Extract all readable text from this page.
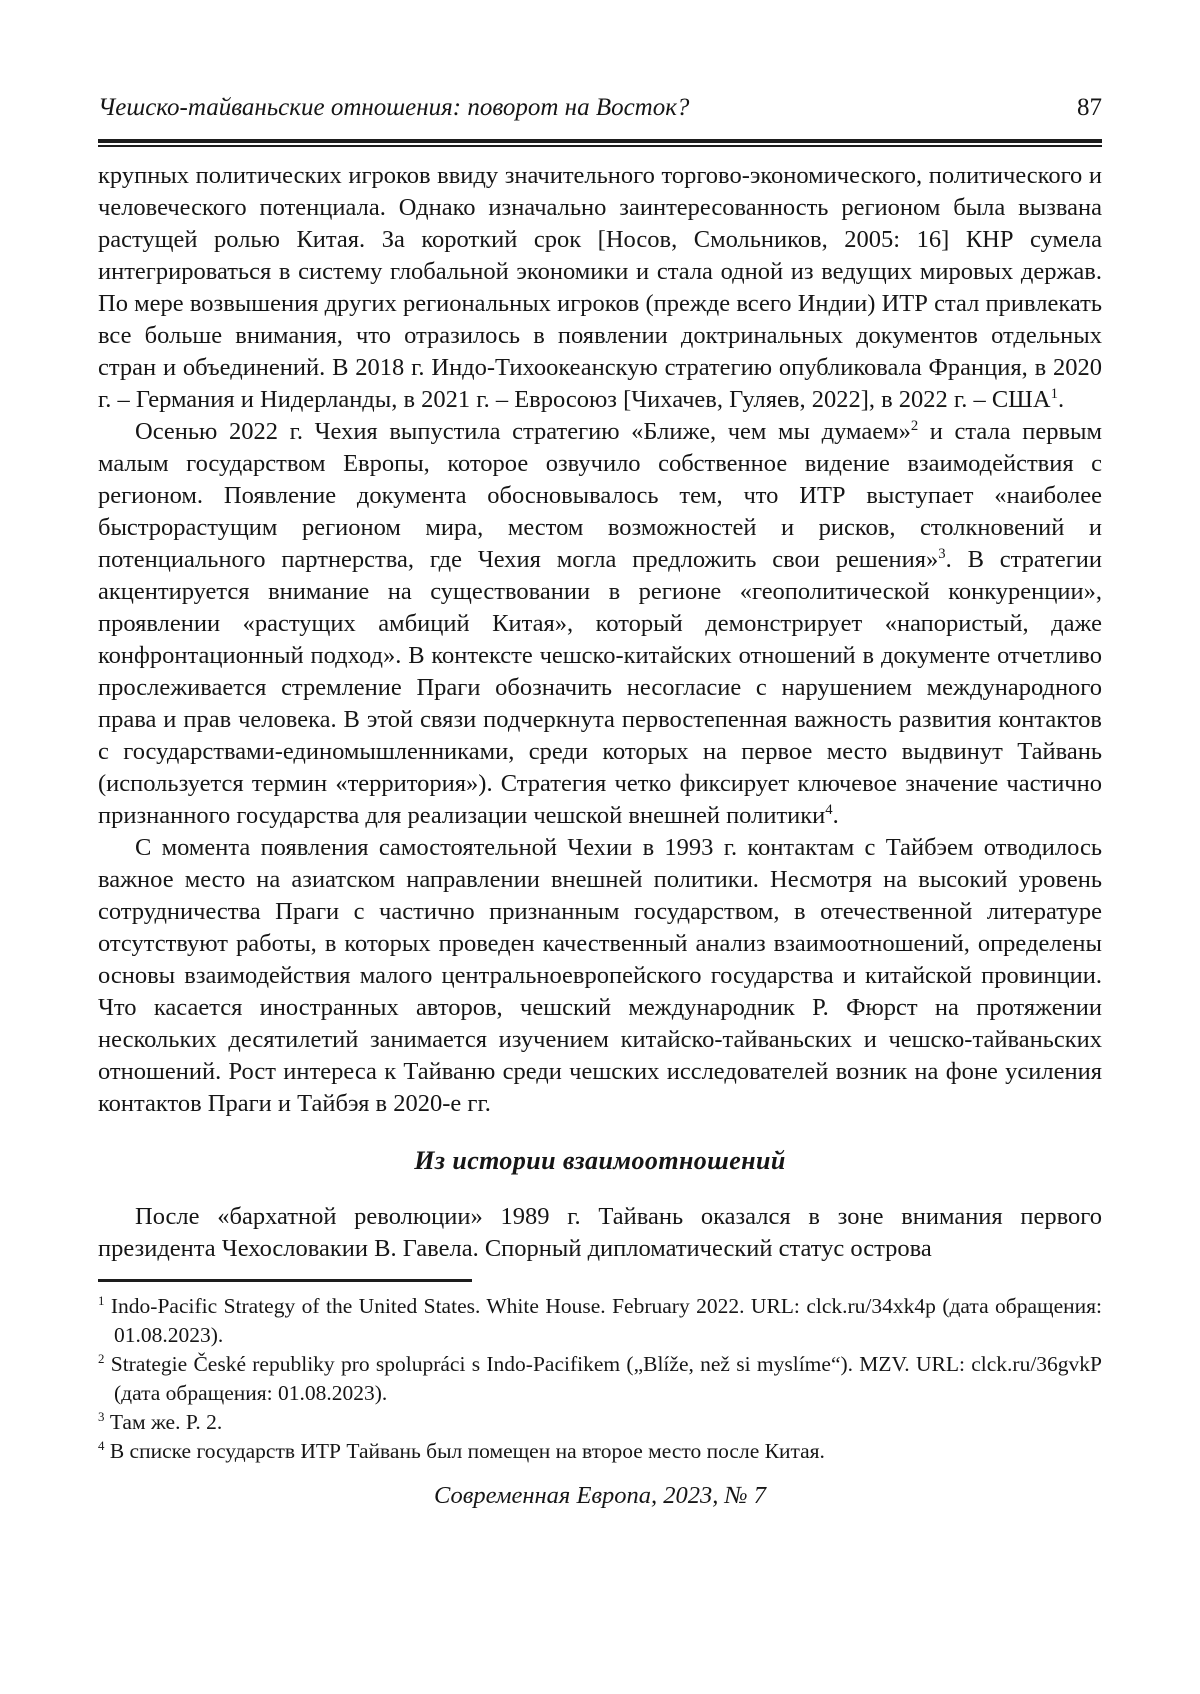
Чешско-тайваньские отношения: поворот на Восток?	87

крупных политических игроков ввиду значительного торгово-экономического, политического и человеческого потенциала. Однако изначально заинтересованность регионом была вызвана растущей ролью Китая. За короткий срок [Носов, Смольников, 2005: 16] КНР сумела интегрироваться в систему глобальной экономики и стала одной из ведущих мировых держав. По мере возвышения других региональных игроков (прежде всего Индии) ИТР стал привлекать все больше внимания, что отразилось в появлении доктринальных документов отдельных стран и объединений. В 2018 г. Индо-Тихоокеанскую стратегию опубликовала Франция, в 2020 г. – Германия и Нидерланды, в 2021 г. – Евросоюз [Чихачев, Гуляев, 2022], в 2022 г. – США$^1$.

Осенью 2022 г. Чехия выпустила стратегию «Ближе, чем мы думаем»$^2$ и стала первым малым государством Европы, которое озвучило собственное видение взаимодействия с регионом. Появление документа обосновывалось тем, что ИТР выступает «наиболее быстрорастущим регионом мира, местом возможностей и рисков, столкновений и потенциального партнерства, где Чехия могла предложить свои решения»$^3$. В стратегии акцентируется внимание на существовании в регионе «геополитической конкуренции», проявлении «растущих амбиций Китая», который демонстрирует «напористый, даже конфронтационный подход». В контексте чешско-китайских отношений в документе отчетливо прослеживается стремление Праги обозначить несогласие с нарушением международного права и прав человека. В этой связи подчеркнута первостепенная важность развития контактов с государствами-единомышленниками, среди которых на первое место выдвинут Тайвань (используется термин «территория»). Стратегия четко фиксирует ключевое значение частично признанного государства для реализации чешской внешней политики$^4$.

С момента появления самостоятельной Чехии в 1993 г. контактам с Тайбэем отводилось важное место на азиатском направлении внешней политики. Несмотря на высокий уровень сотрудничества Праги с частично признанным государством, в отечественной литературе отсутствуют работы, в которых проведен качественный анализ взаимоотношений, определены основы взаимодействия малого центральноевропейского государства и китайской провинции. Что касается иностранных авторов, чешский международник Р. Фюрст на протяжении нескольких десятилетий занимается изучением китайско-тайваньских и чешско-тайваньских отношений. Рост интереса к Тайваню среди чешских исследователей возник на фоне усиления контактов Праги и Тайбэя в 2020-е гг.

Из истории взаимоотношений

После «бархатной революции» 1989 г. Тайвань оказался в зоне внимания первого президента Чехословакии В. Гавела. Спорный дипломатический статус острова

$^1$ Indo-Pacific Strategy of the United States. White House. February 2022. URL: clck.ru/34xk4p (дата обращения: 01.08.2023).
$^2$ Strategie České republiky pro spolupráci s Indo-Pacifikem („Blíže, než si myslíme“). MZV. URL: clck.ru/36gvkP (дата обращения: 01.08.2023).
$^3$ Там же. P. 2.
$^4$ В списке государств ИТР Тайвань был помещен на второе место после Китая.
Современная Европа, 2023, № 7
